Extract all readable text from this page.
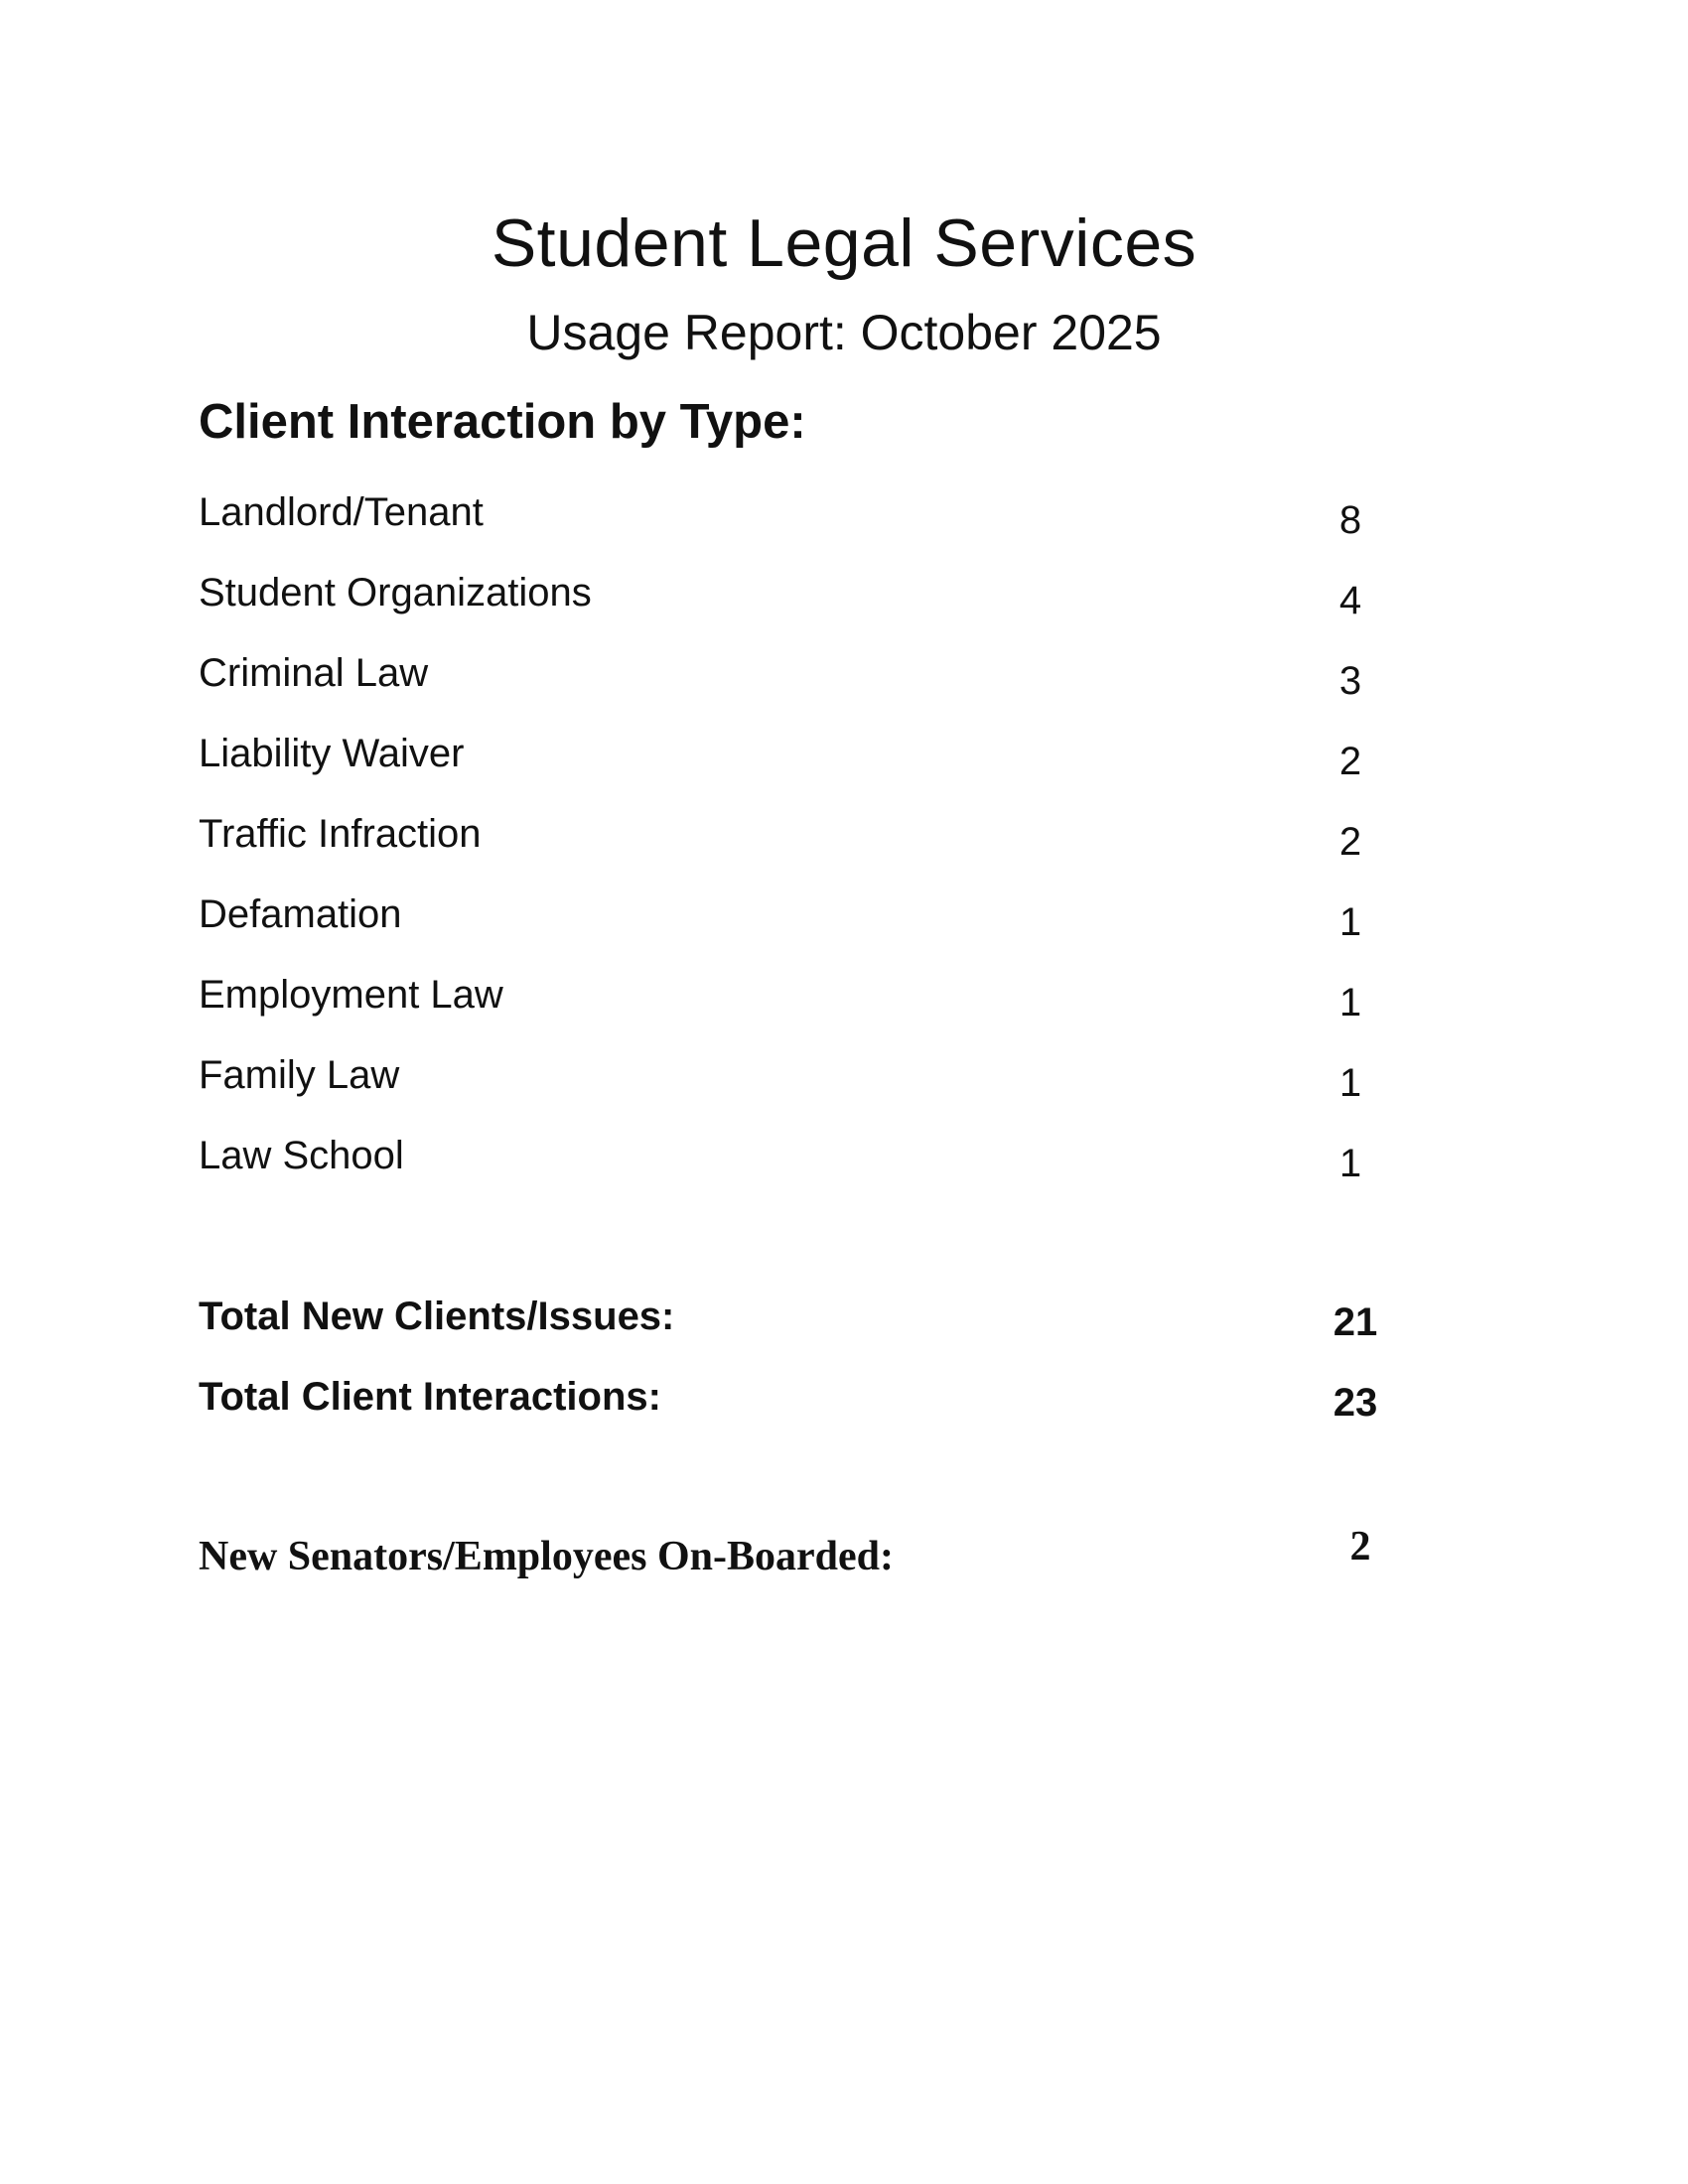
Student Legal Services
Usage Report: October 2025
Client Interaction by Type:
Landlord/Tenant	8
Student Organizations	4
Criminal Law	3
Liability Waiver	2
Traffic Infraction	2
Defamation	1
Employment Law	1
Family Law	1
Law School	1
Total New Clients/Issues:	21
Total Client Interactions:	23
New Senators/Employees On-Boarded:	2
